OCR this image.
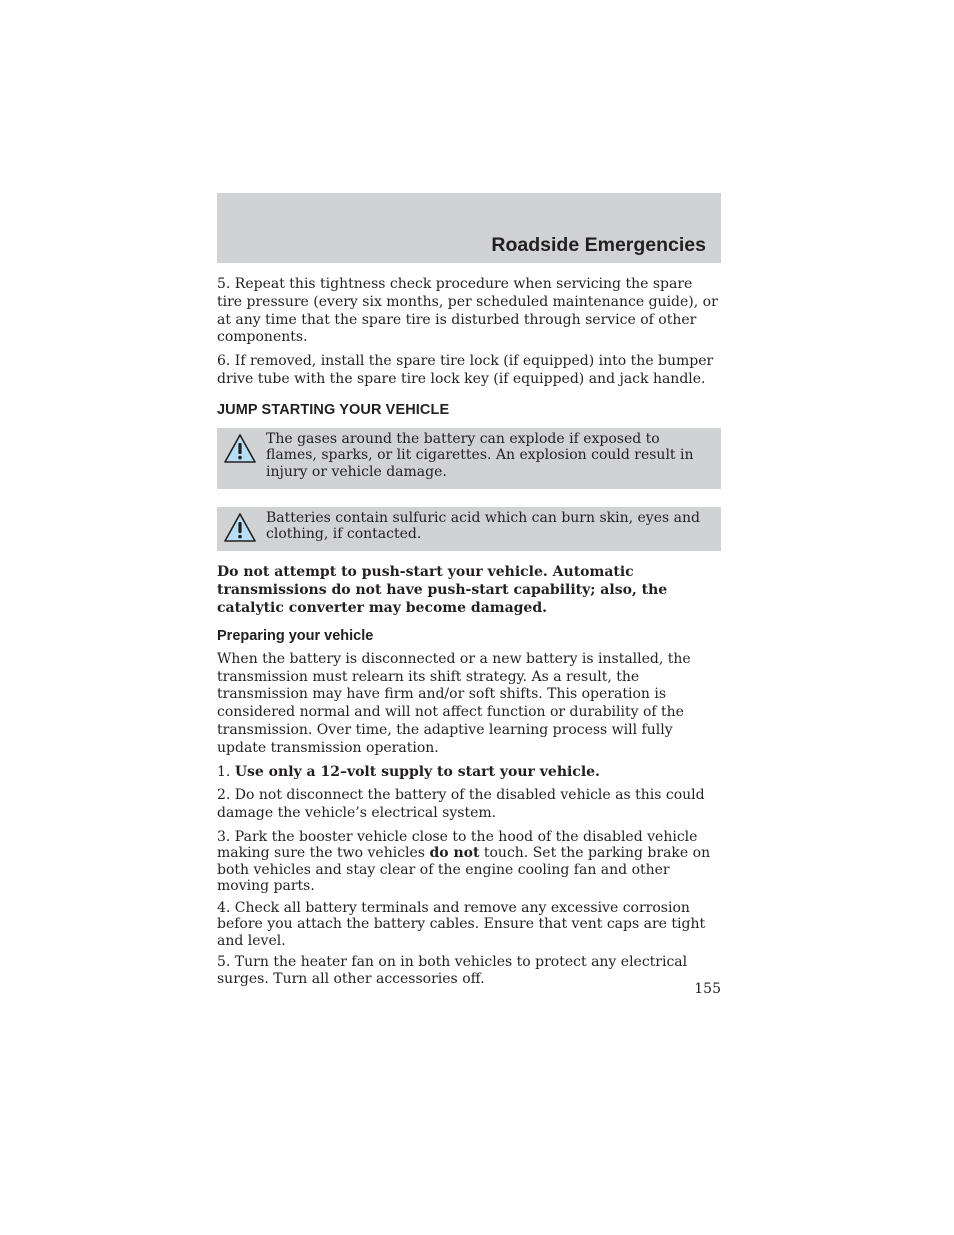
Roadside Emergencies

5. Repeat this tightness check procedure when servicing the spare tire pressure (every six months, per scheduled maintenance guide), or at any time that the spare tire is disturbed through service of other components.

6. If removed, install the spare tire lock (if equipped) into the bumper drive tube with the spare tire lock key (if equipped) and jack handle.

JUMP STARTING YOUR VEHICLE
The gases around the battery can explode if exposed to flames, sparks, or lit cigarettes. An explosion could result in injury or vehicle damage.
Batteries contain sulfuric acid which can burn skin, eyes and clothing, if contacted.

Do not attempt to push-start your vehicle. Automatic transmissions do not have push-start capability; also, the catalytic converter may become damaged.

Preparing your vehicle

When the battery is disconnected or a new battery is installed, the transmission must relearn its shift strategy. As a result, the transmission may have firm and/or soft shifts. This operation is considered normal and will not affect function or durability of the transmission. Over time, the adaptive learning process will fully update transmission operation.

1. Use only a 12–volt supply to start your vehicle.

2. Do not disconnect the battery of the disabled vehicle as this could damage the vehicle’s electrical system.

3. Park the booster vehicle close to the hood of the disabled vehicle making sure the two vehicles do not touch. Set the parking brake on both vehicles and stay clear of the engine cooling fan and other moving parts.

4. Check all battery terminals and remove any excessive corrosion before you attach the battery cables. Ensure that vent caps are tight and level.

5. Turn the heater fan on in both vehicles to protect any electrical surges. Turn all other accessories off.

155
